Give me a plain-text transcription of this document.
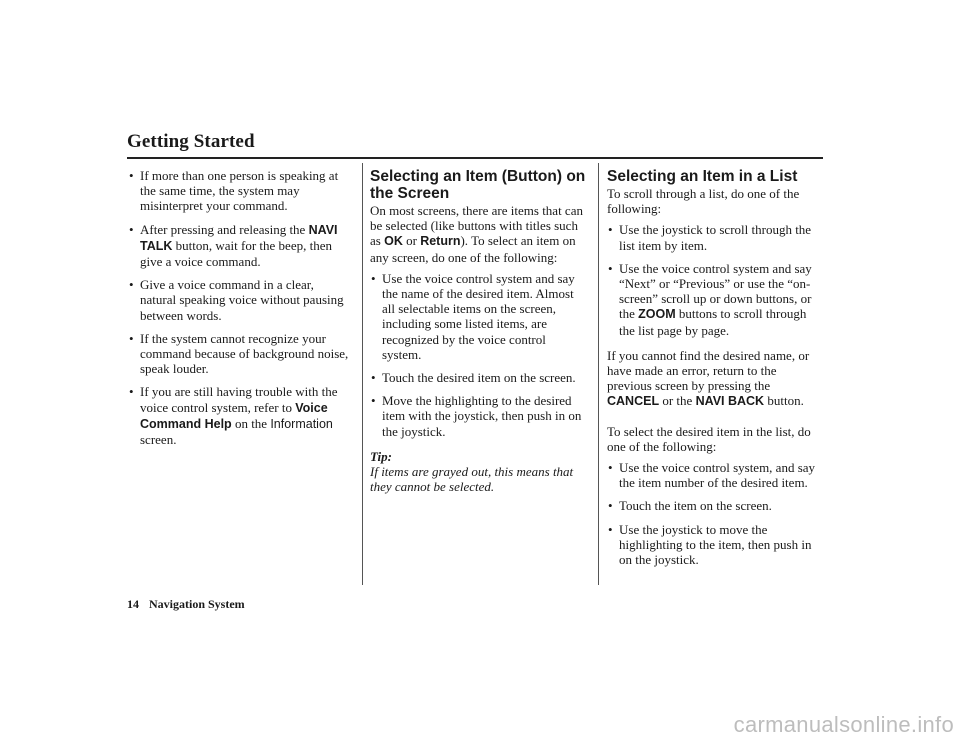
Getting Started
• If more than one person is speaking at the same time, the system may misinterpret your command.
• After pressing and releasing the NAVI TALK button, wait for the beep, then give a voice command.
• Give a voice command in a clear, natural speaking voice without pausing between words.
• If the system cannot recognize your command because of background noise, speak louder.
• If you are still having trouble with the voice control system, refer to Voice Command Help on the Information screen.
Selecting an Item (Button) on the Screen

On most screens, there are items that can be selected (like buttons with titles such as OK or Return). To select an item on any screen, do one of the following:

• Use the voice control system and say the name of the desired item. Almost all selectable items on the screen, including some listed items, are recognized by the voice control system.
• Touch the desired item on the screen.
• Move the highlighting to the desired item with the joystick, then push in on the joystick.
Tip:
If items are grayed out, this means that they cannot be selected.
Selecting an Item in a List

To scroll through a list, do one of the following:

• Use the joystick to scroll through the list item by item.
• Use the voice control system and say “Next” or “Previous” or use the “on-screen” scroll up or down buttons, or the ZOOM buttons to scroll through the list page by page.

If you cannot find the desired name, or have made an error, return to the previous screen by pressing the CANCEL or the NAVI BACK button.

To select the desired item in the list, do one of the following:

• Use the voice control system, and say the item number of the desired item.
• Touch the item on the screen.
• Use the joystick to move the highlighting to the item, then push in on the joystick.
14 Navigation System
carmanualsonline.info
